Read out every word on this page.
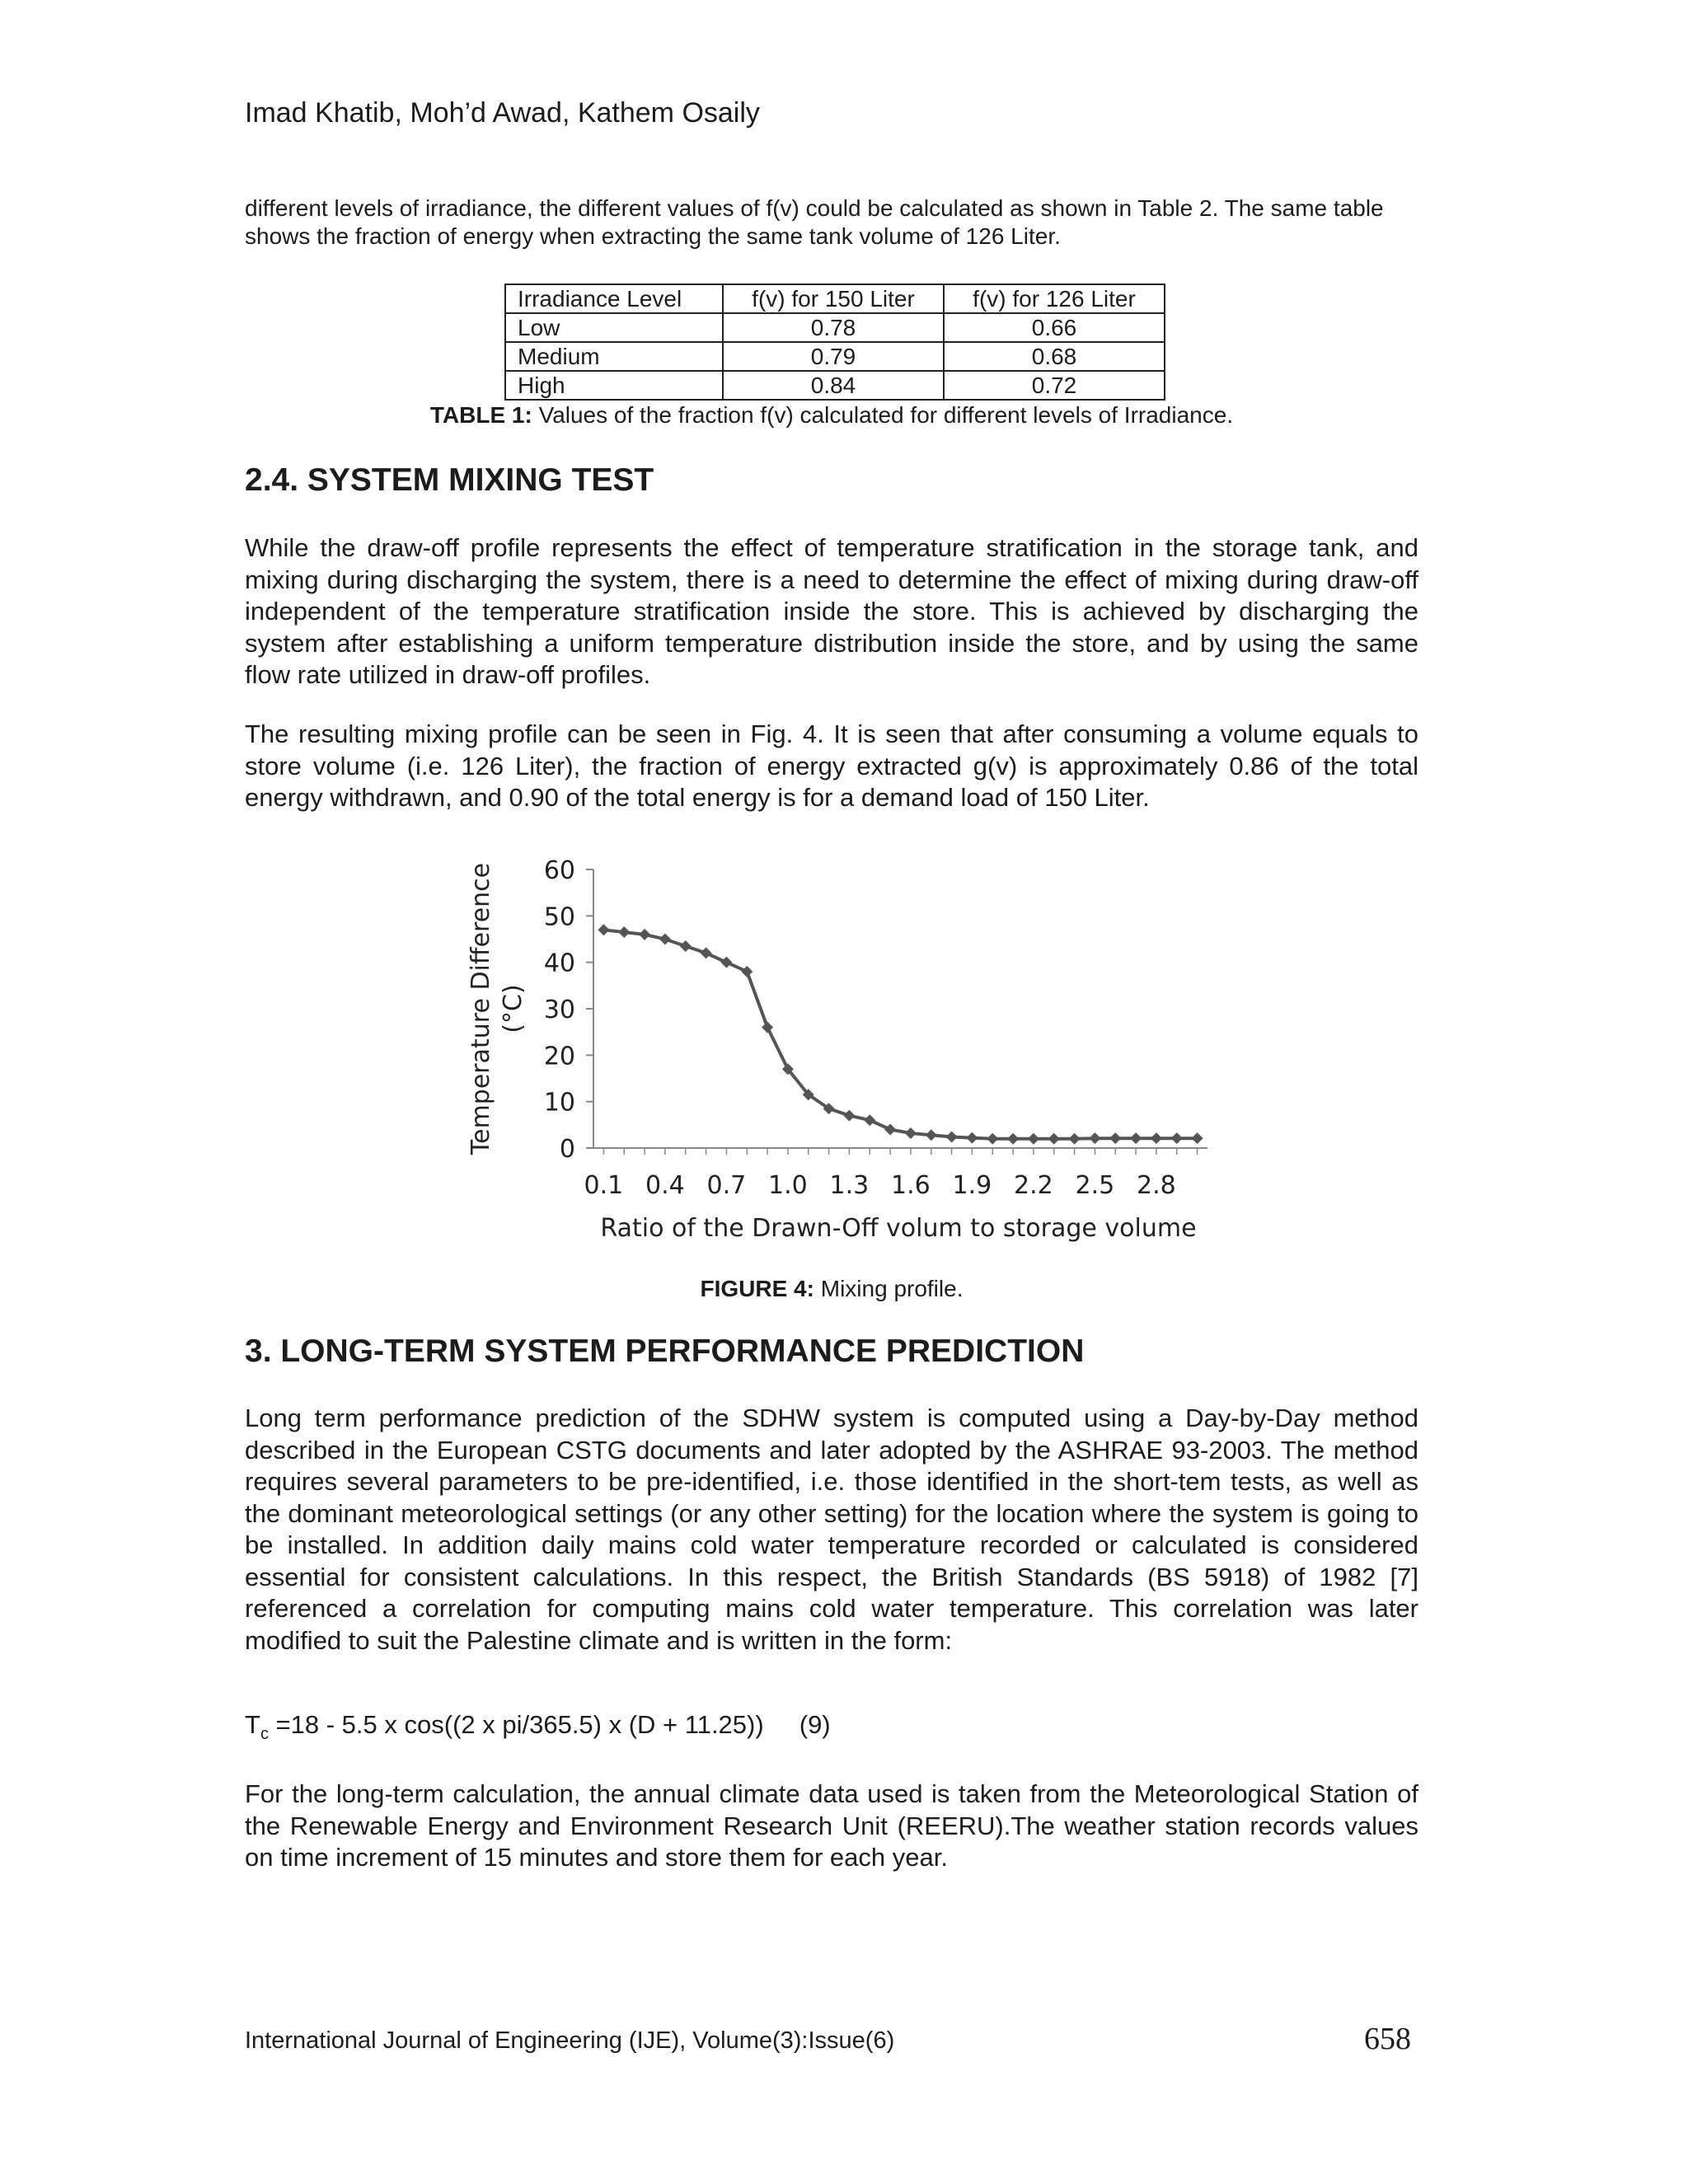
Imad Khatib, Moh’d Awad, Kathem Osaily

different levels of irradiance, the different values of f(v) could be calculated as shown in Table 2. The same table shows the fraction of energy when extracting the same tank volume of 126 Liter.

Irradiance Level	f(v) for 150 Liter	f(v) for 126 Liter
Low	0.78	0.66
Medium	0.79	0.68
High	0.84	0.72
TABLE 1: Values of the fraction f(v) calculated for different levels of Irradiance.
2.4. SYSTEM MIXING TEST

While the draw-off profile represents the effect of temperature stratification in the storage tank, and mixing during discharging the system, there is a need to determine the effect of mixing during draw-off independent of the temperature stratification inside the store. This is achieved by discharging the system after establishing a uniform temperature distribution inside the store, and by using the same flow rate utilized in draw-off profiles.

The resulting mixing profile can be seen in Fig. 4. It is seen that after consuming a volume equals to store volume (i.e. 126 Liter), the fraction of energy extracted g(v) is approximately 0.86 of the total energy withdrawn, and 0.90 of the total energy is for a demand load of 150 Liter.

0
10
20
30
40
50
60
0.1 0.4 0.7 1.0 1.3 1.6 1.9 2.2 2.5 2.8
Ratio of the Drawn-Off volum to storage volume
Temperature Difference (°C)
FIGURE 4: Mixing profile.
3. LONG-TERM SYSTEM PERFORMANCE PREDICTION

Long term performance prediction of the SDHW system is computed using a Day-by-Day method described in the European CSTG documents and later adopted by the ASHRAE 93-2003. The method requires several parameters to be pre-identified, i.e. those identified in the short-tem tests, as well as the dominant meteorological settings (or any other setting) for the location where the system is going to be installed. In addition daily mains cold water temperature recorded or calculated is considered essential for consistent calculations. In this respect, the British Standards (BS 5918) of 1982 [7] referenced a correlation for computing mains cold water temperature. This correlation was later modified to suit the Palestine climate and is written in the form:

$T_c =18 - 5.5$ x cos((2 x pi/365.5) x (D + 11.25))     (9)

For the long-term calculation, the annual climate data used is taken from the Meteorological Station of the Renewable Energy and Environment Research Unit (REERU).The weather station records values on time increment of 15 minutes and store them for each year.

International Journal of Engineering (IJE), Volume(3):Issue(6)	658
